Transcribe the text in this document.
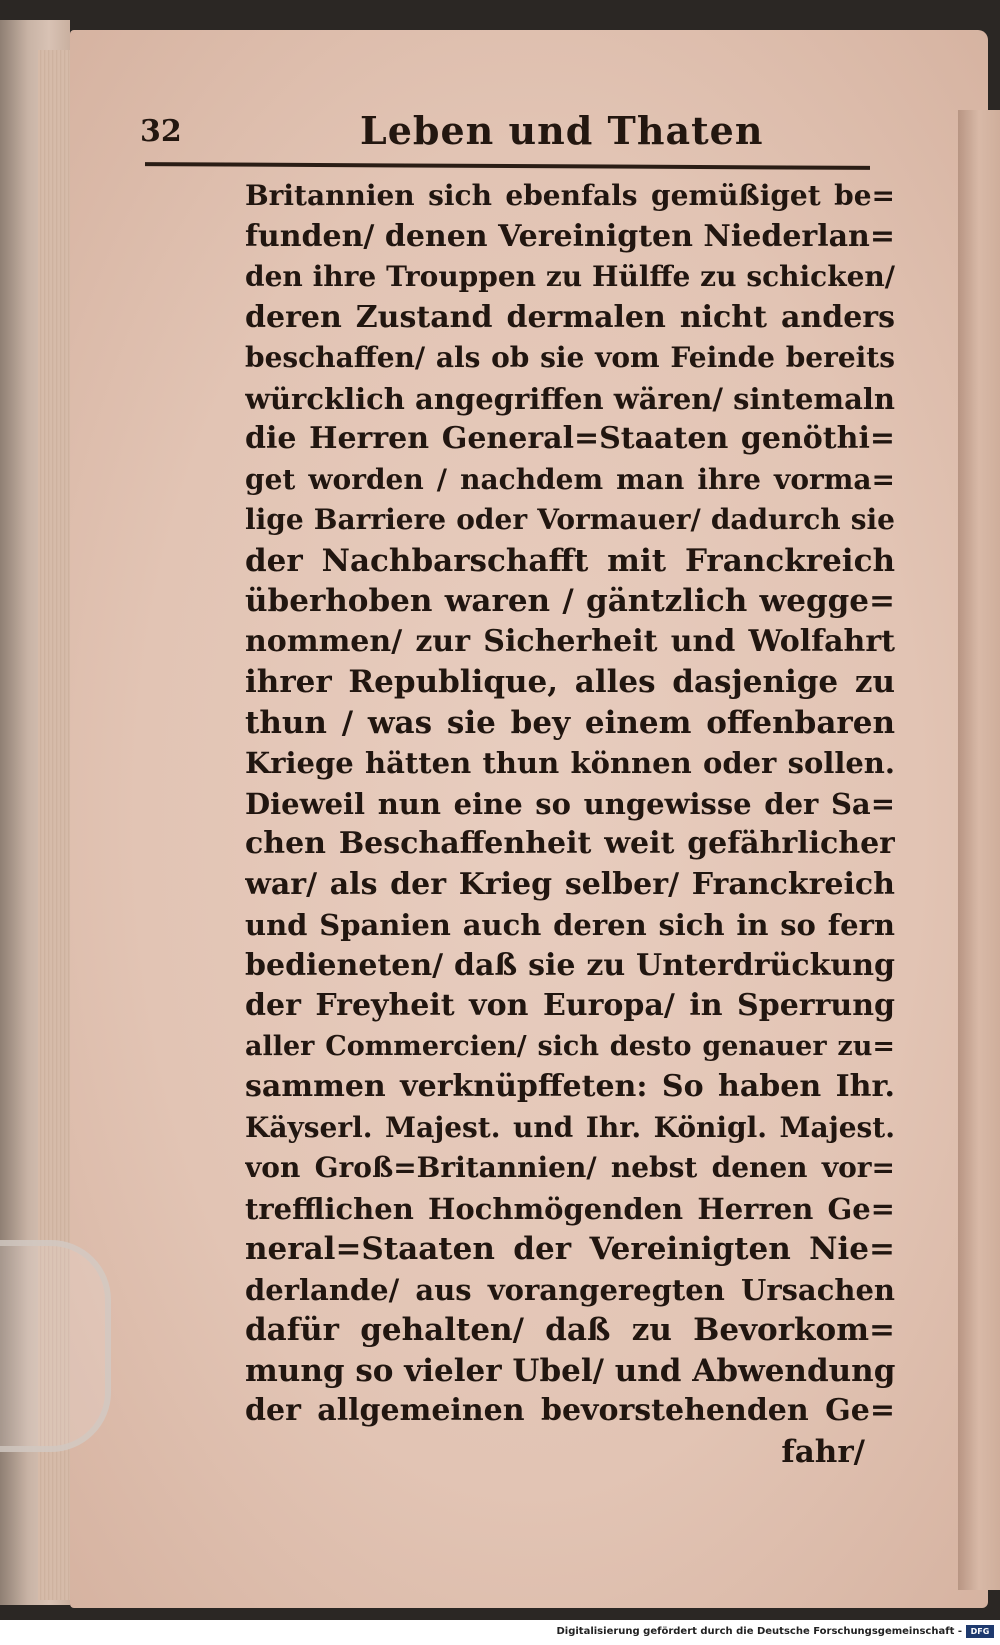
32	Leben und Thaten
Britannien sich ebenfals gemüßiget be=
funden/ denen Vereinigten Niederlan=
den ihre Trouppen zu Hülffe zu schicken/
deren Zustand dermalen nicht anders
beschaffen/ als ob sie vom Feinde bereits
würcklich angegriffen wären/ sintemaln
die Herren General=Staaten genöthi=
get worden / nachdem man ihre vorma=
lige Barriere oder Vormauer/ dadurch sie
der Nachbarschafft mit Franckreich
überhoben waren / gäntzlich wegge=
nommen/ zur Sicherheit und Wolfahrt
ihrer Republique, alles dasjenige zu
thun / was sie bey einem offenbaren
Kriege hätten thun können oder sollen.
Dieweil nun eine so ungewisse der Sa=
chen Beschaffenheit weit gefährlicher
war/ als der Krieg selber/ Franckreich
und Spanien auch deren sich in so fern
bedieneten/ daß sie zu Unterdrückung
der Freyheit von Europa/ in Sperrung
aller Commercien/ sich desto genauer zu=
sammen verknüpffeten: So haben Ihr.
Käyserl. Majest. und Ihr. Königl. Majest.
von Groß=Britannien/ nebst denen vor=
trefflichen Hochmögenden Herren Ge=
neral=Staaten der Vereinigten Nie=
derlande/ aus vorangeregten Ursachen
dafür gehalten/ daß zu Bevorkom=
mung so vieler Ubel/ und Abwendung
der allgemeinen bevorstehenden Ge=
fahr/
Digitalisierung gefördert durch die Deutsche Forschungsgemeinschaft -	DFG
